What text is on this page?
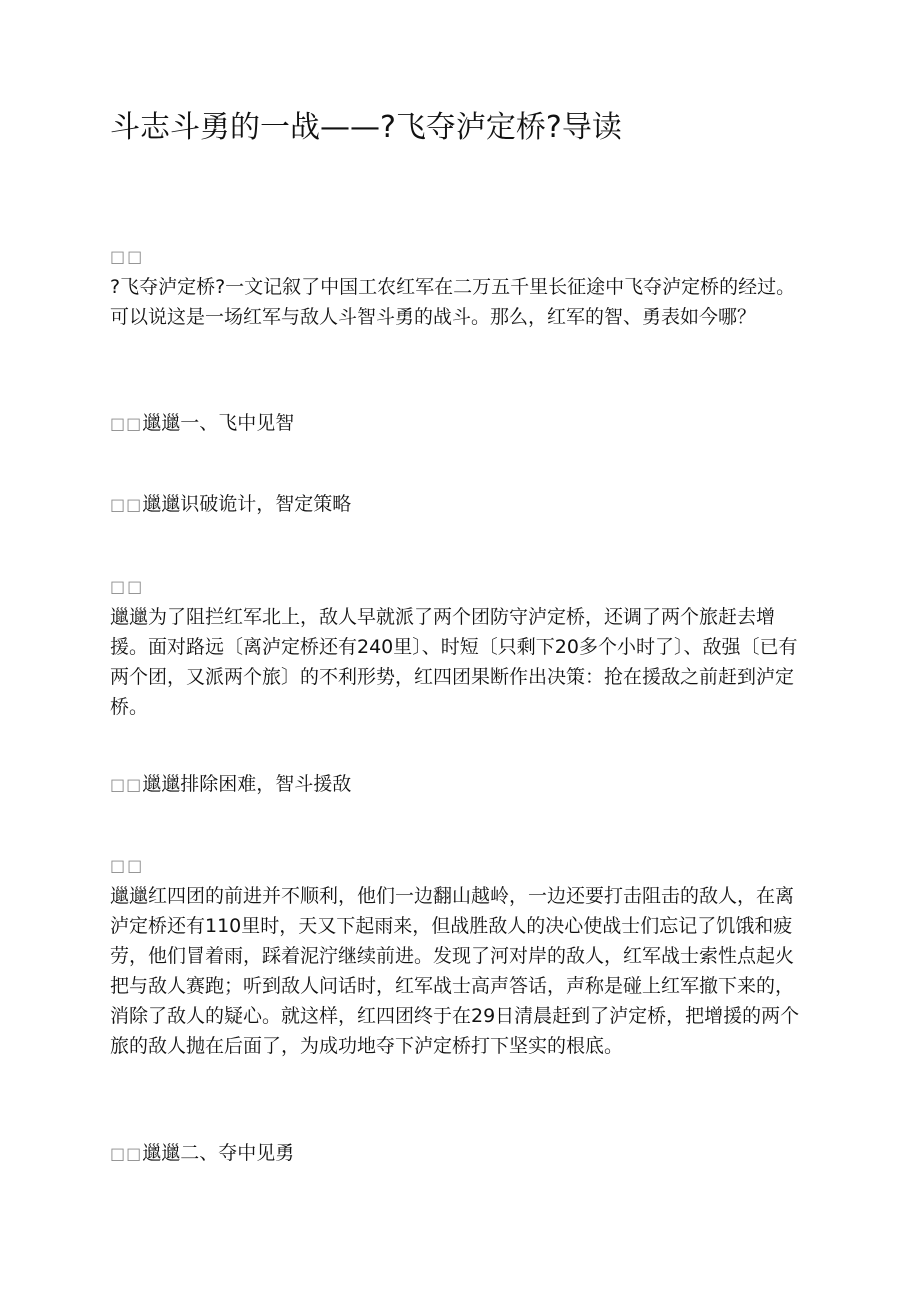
斗志斗勇的一战——?飞夺泸定桥?导读
□□
?飞夺泸定桥?一文记叙了中国工农红军在二万五千里长征途中飞夺泸定桥的经过。可以说这是一场红军与敌人斗智斗勇的战斗。那么，红军的智、勇表如今哪？
□□邋邋一、飞中见智
□□邋邋识破诡计，智定策略
□□
邋邋为了阻拦红军北上，敌人早就派了两个团防守泸定桥，还调了两个旅赶去增援。面对路远〔离泸定桥还有240里〕、时短〔只剩下20多个小时了〕、敌强〔已有两个团，又派两个旅〕的不利形势，红四团果断作出决策：抢在援敌之前赶到泸定桥。
□□邋邋排除困难，智斗援敌
□□
邋邋红四团的前进并不顺利，他们一边翻山越岭，一边还要打击阻击的敌人，在离泸定桥还有110里时，天又下起雨来，但战胜敌人的决心使战士们忘记了饥饿和疲劳，他们冒着雨，踩着泥泞继续前进。发现了河对岸的敌人，红军战士索性点起火把与敌人赛跑；听到敌人问话时，红军战士高声答话，声称是碰上红军撤下来的，消除了敌人的疑心。就这样，红四团终于在29日清晨赶到了泸定桥，把增援的两个旅的敌人抛在后面了，为成功地夺下泸定桥打下坚实的根底。
□□邋邋二、夺中见勇
